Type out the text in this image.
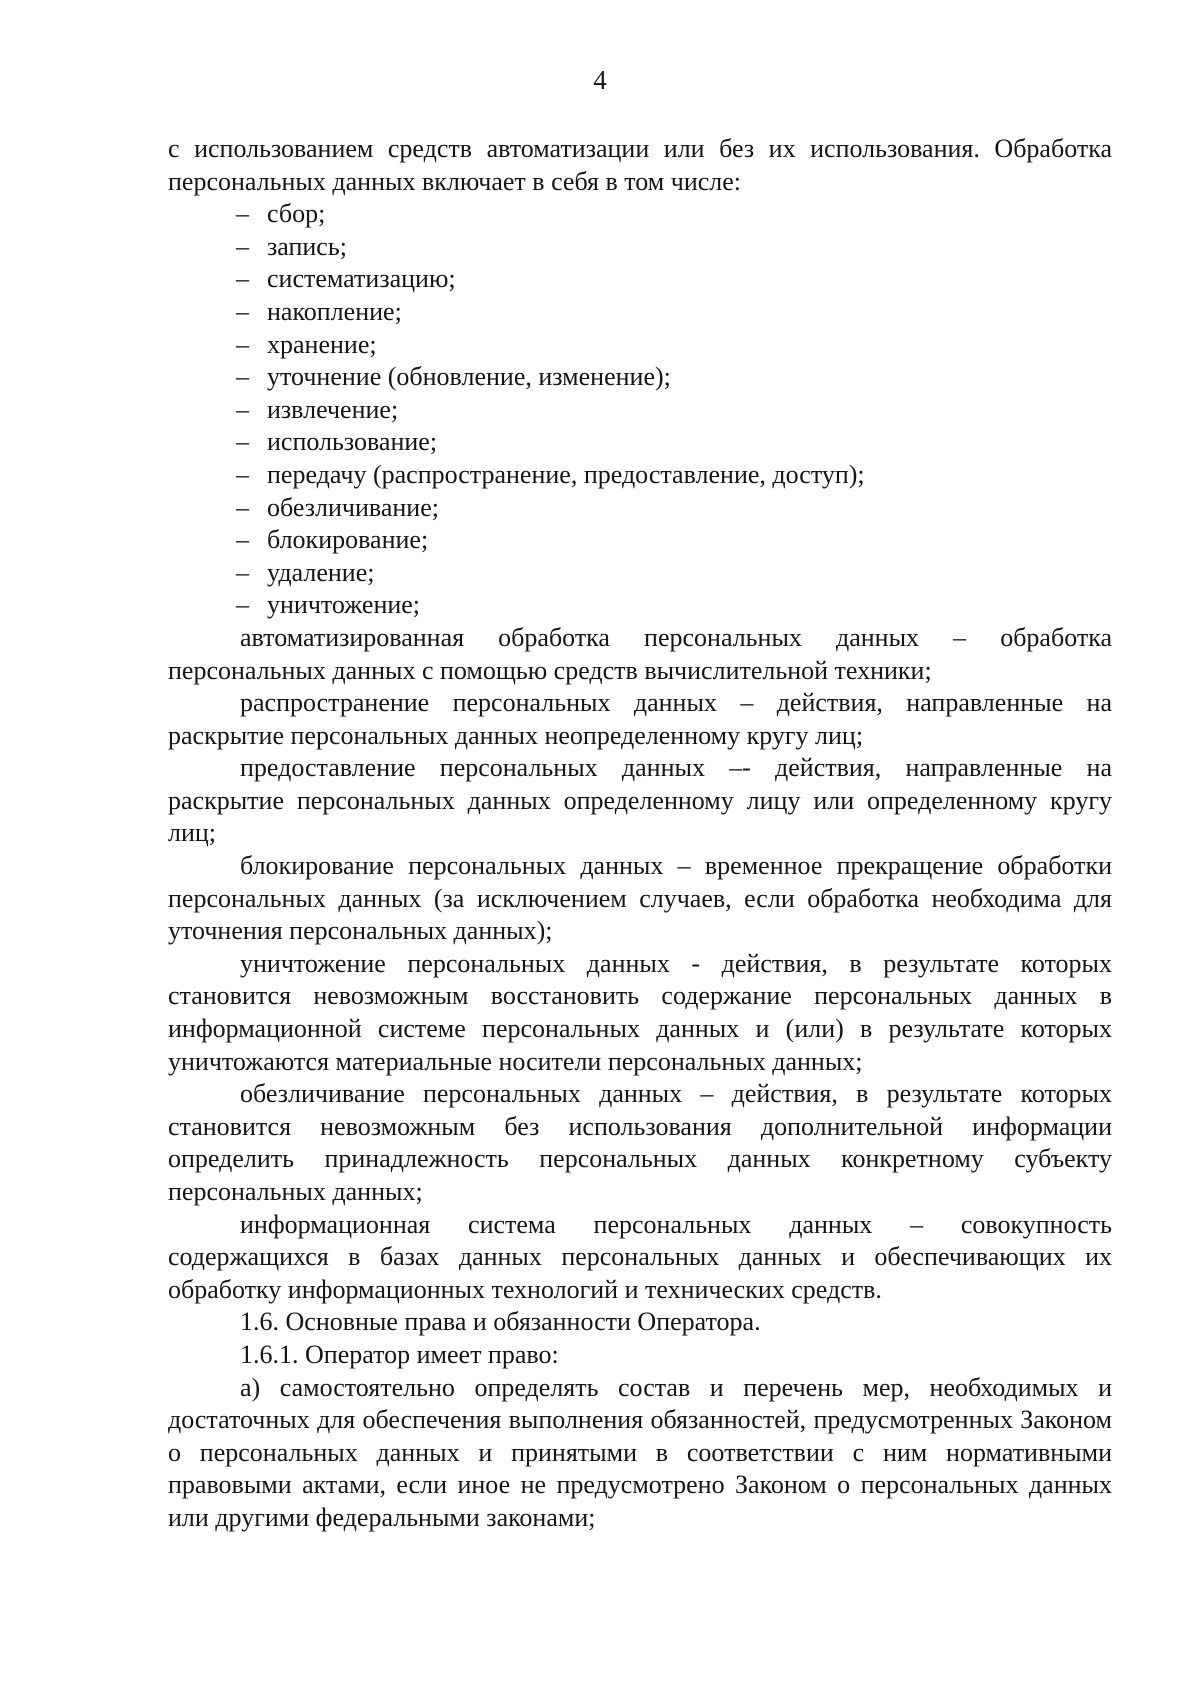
4

с использованием средств автоматизации или без их использования. Обработка персональных данных включает в себя в том числе:

– сбор;
– запись;
– систематизацию;
– накопление;
– хранение;
– уточнение (обновление, изменение);
– извлечение;
– использование;
– передачу (распространение, предоставление, доступ);
– обезличивание;
– блокирование;
– удаление;
– уничтожение;

автоматизированная обработка персональных данных – обработка персональных данных с помощью средств вычислительной техники;

распространение персональных данных – действия, направленные на раскрытие персональных данных неопределенному кругу лиц;

предоставление персональных данных –- действия, направленные на раскрытие персональных данных определенному лицу или определенному кругу лиц;

блокирование персональных данных – временное прекращение обработки персональных данных (за исключением случаев, если обработка необходима для уточнения персональных данных);

уничтожение персональных данных - действия, в результате которых становится невозможным восстановить содержание персональных данных в информационной системе персональных данных и (или) в результате которых уничтожаются материальные носители персональных данных;

обезличивание персональных данных – действия, в результате которых становится невозможным без использования дополнительной информации определить принадлежность персональных данных конкретному субъекту персональных данных;

информационная система персональных данных – совокупность содержащихся в базах данных персональных данных и обеспечивающих их обработку информационных технологий и технических средств.

1.6. Основные права и обязанности Оператора.

1.6.1. Оператор имеет право:

а) самостоятельно определять состав и перечень мер, необходимых и достаточных для обеспечения выполнения обязанностей, предусмотренных Законом о персональных данных и принятыми в соответствии с ним нормативными правовыми актами, если иное не предусмотрено Законом о персональных данных или другими федеральными законами;
